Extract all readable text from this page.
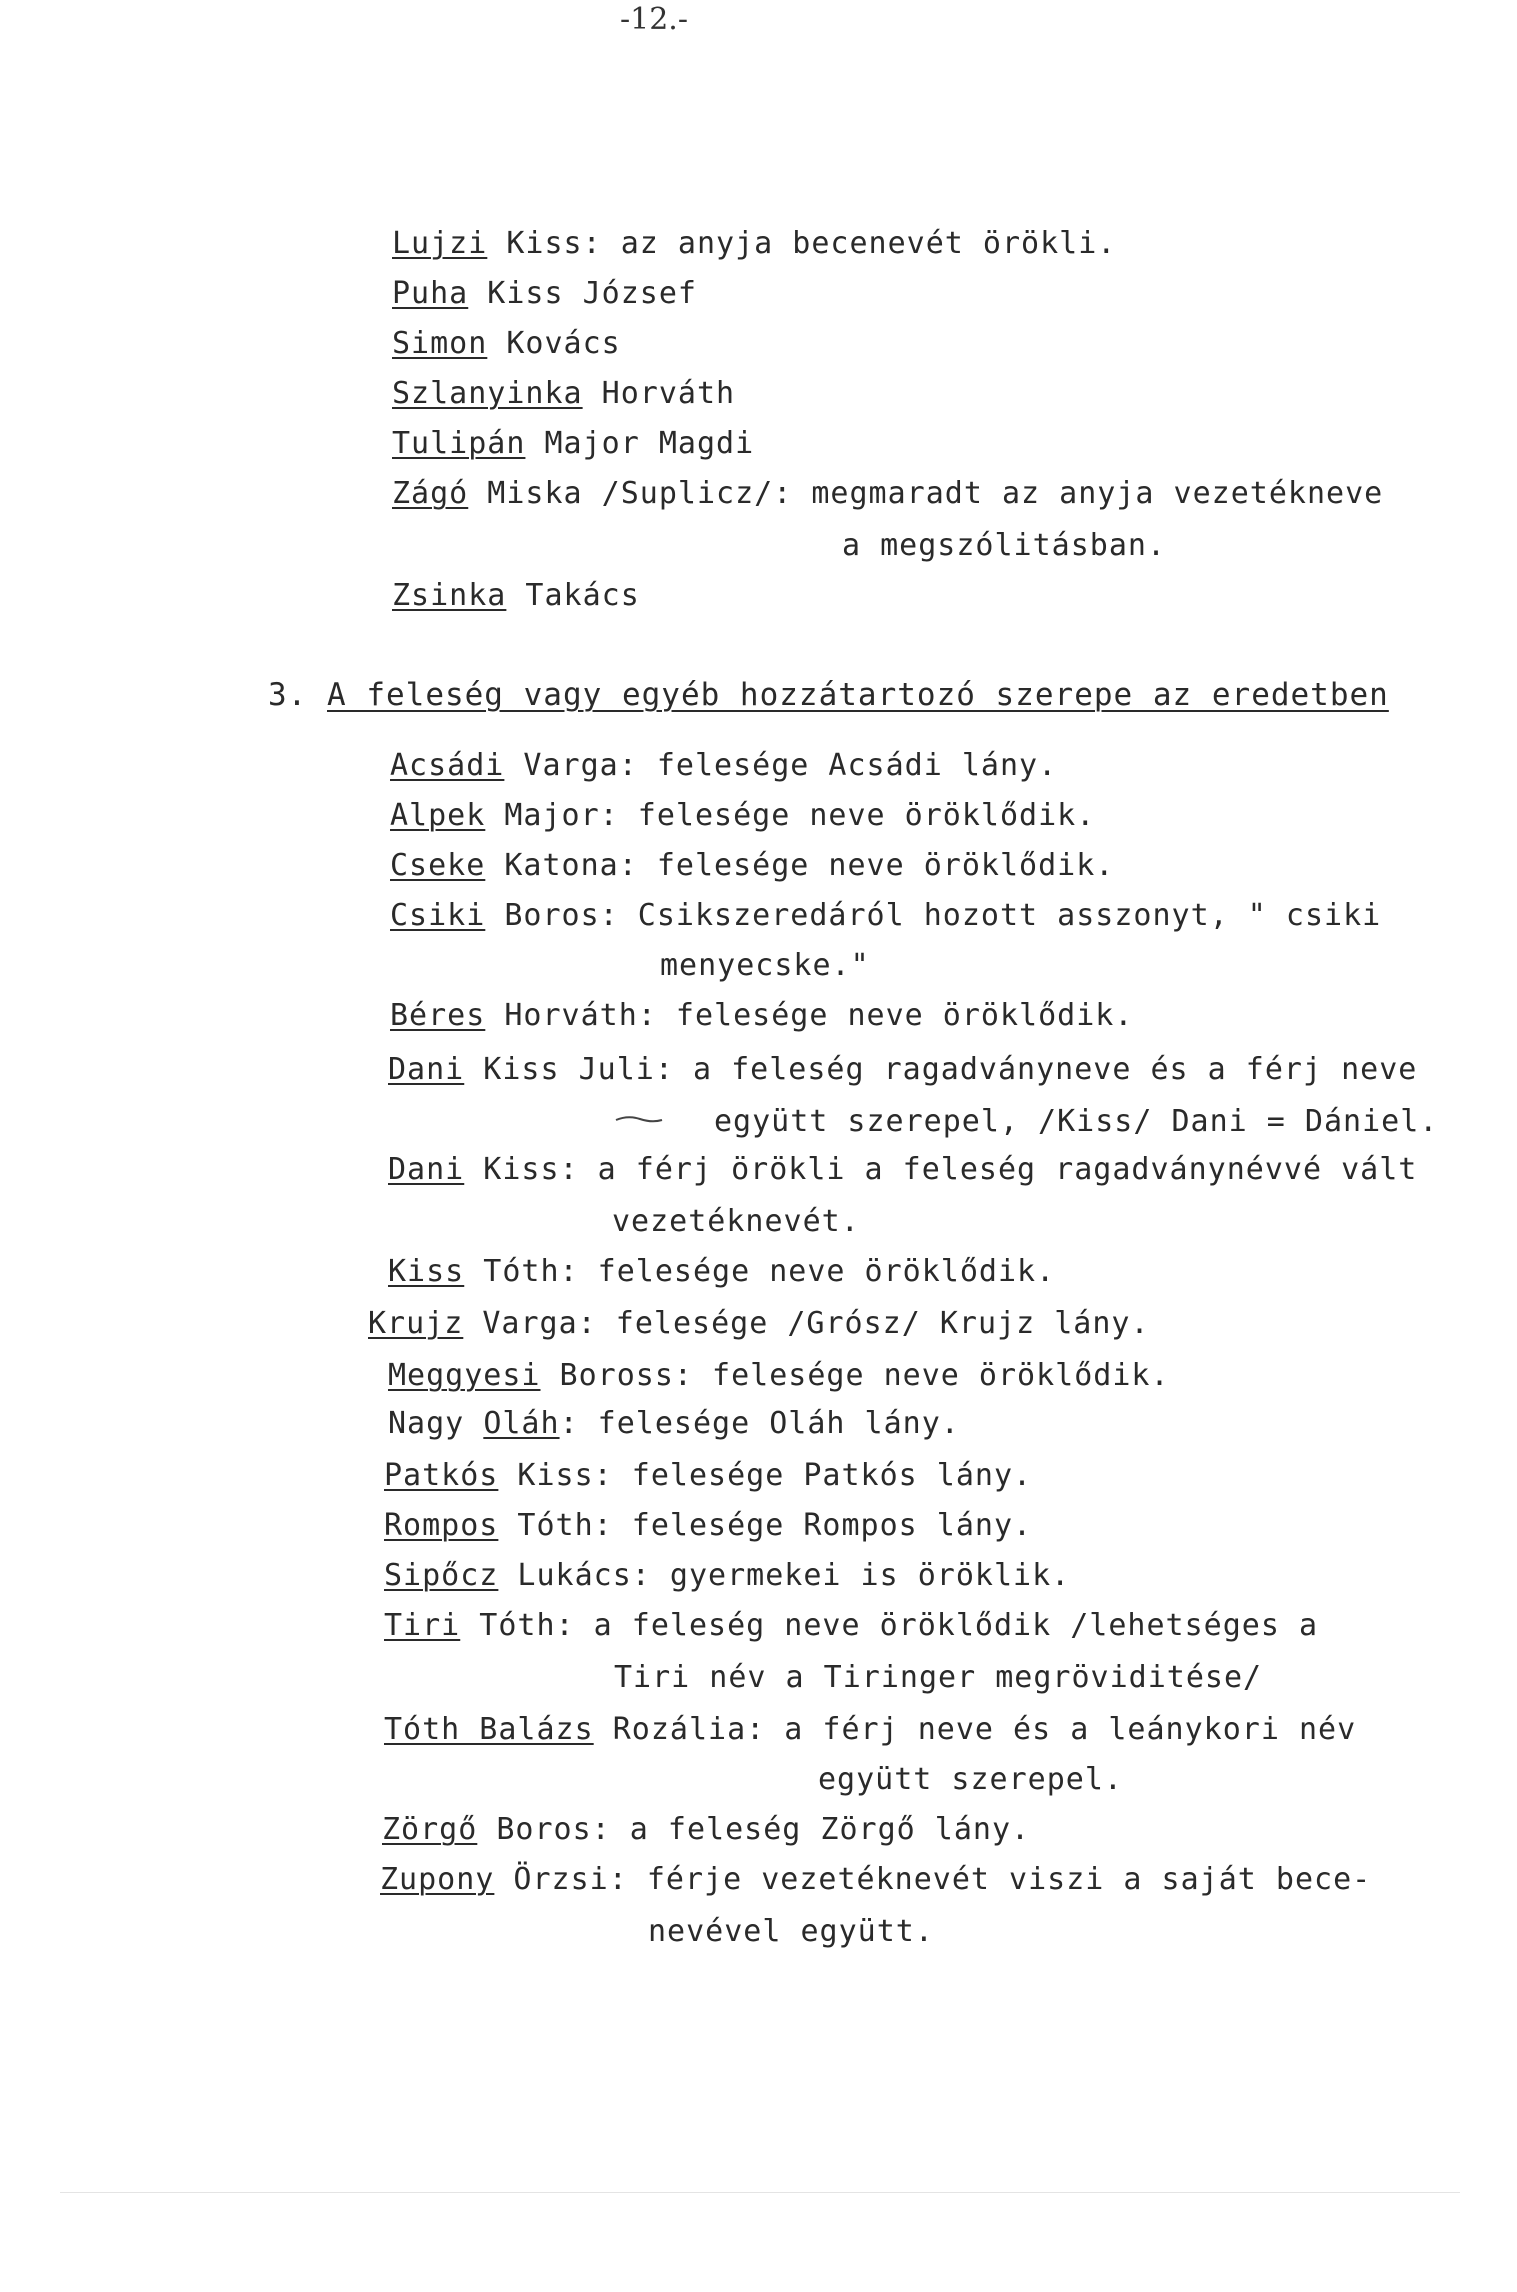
-12.-
Lujzi Kiss: az anyja becenevét örökli.
Puha Kiss József
Simon Kovács
Szlanyinka Horváth
Tulipán Major Magdi
Zágó Miska /Suplicz/: megmaradt az anyja vezetékneve
a megszólitásban.
Zsinka Takács
3. A feleség vagy egyéb hozzátartozó szerepe az eredetben
Acsádi Varga: felesége Acsádi lány.
Alpek Major: felesége neve öröklődik.
Cseke Katona: felesége neve öröklődik.
Csiki Boros: Csikszeredáról hozott asszonyt, " csiki
menyecske."
Béres Horváth: felesége neve öröklődik.
Dani Kiss Juli: a feleség ragadványneve és a férj neve
együtt szerepel, /Kiss/ Dani = Dániel.
Dani Kiss: a férj örökli a feleség ragadványnévvé vált
vezetéknevét.
Kiss Tóth: felesége neve öröklődik.
Krujz Varga: felesége /Grósz/ Krujz lány.
Meggyesi Boross: felesége neve öröklődik.
Nagy Oláh: felesége Oláh lány.
Patkós Kiss: felesége Patkós lány.
Rompos Tóth: felesége Rompos lány.
Sipőcz Lukács: gyermekei is öröklik.
Tiri Tóth: a feleség neve öröklődik /lehetséges a
Tiri név a Tiringer megröviditése/
Tóth Balázs Rozália: a férj neve és a leánykori név
együtt szerepel.
Zörgő Boros: a feleség Zörgő lány.
Zupony Örzsi: férje vezetéknevét viszi a saját bece-
nevével együtt.
